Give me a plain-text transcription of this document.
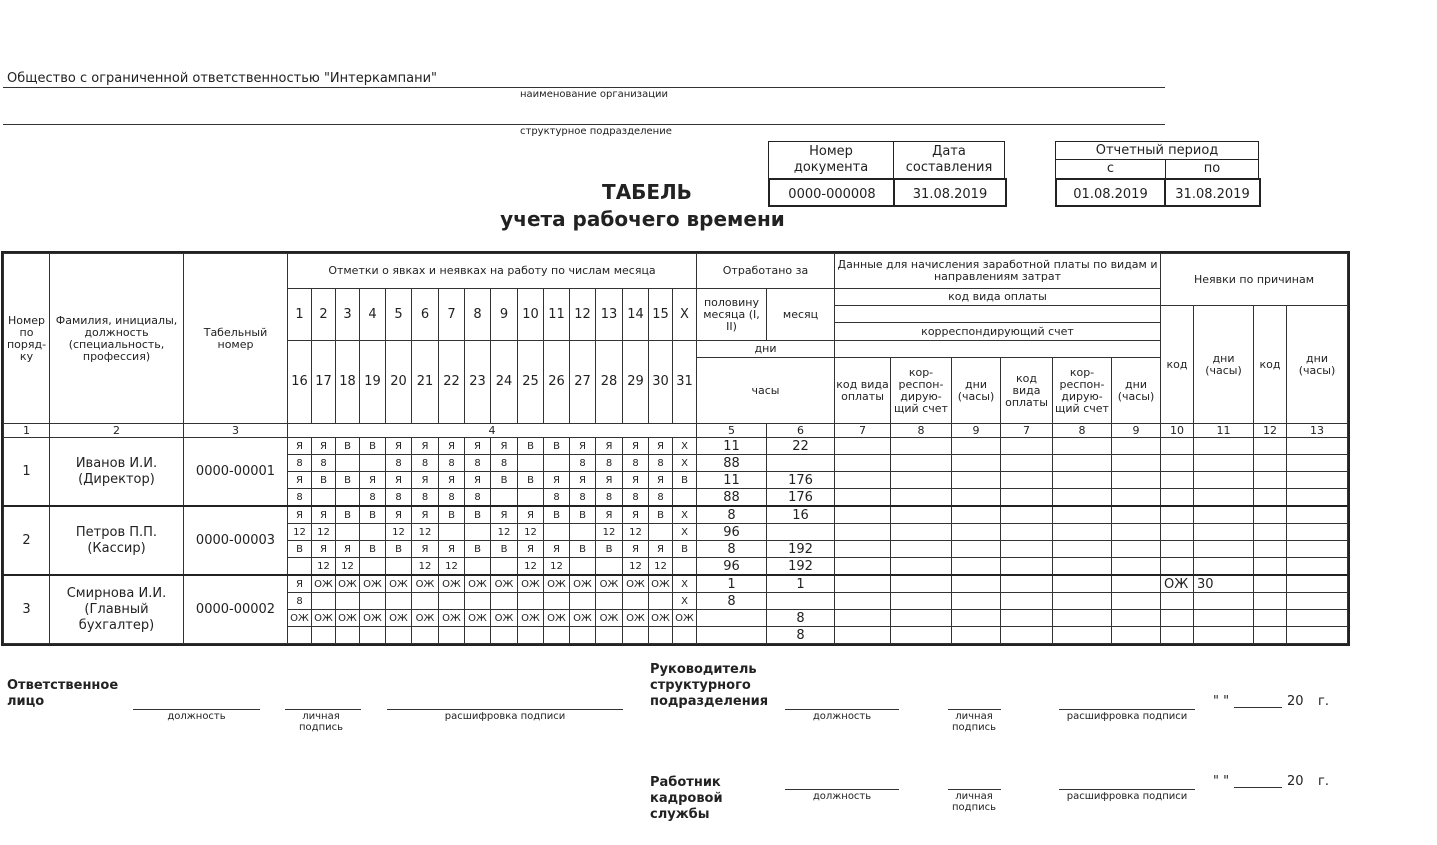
Общество с ограниченной ответственностью "Интеркампани"
наименование организации
структурное подразделение
Номер документа
Дата составления
0000-000008	31.08.2019
Отчетный период
с	по
01.08.2019	31.08.2019
ТАБЕЛЬ
учета рабочего времени
Номер по поряд-ку	Фамилия, инициалы, должность (специальность, профессия)	Табельный номер	Отметки о явках и неявках на работу по числам месяца																Отработано за		Данные для начисления заработной платы по видам и направлениям затрат						Неявки по причинам			
			1	2	3	4	5	6	7	8	9	10	11	12	13	14	15	X	половину месяца (I, II)	месяц	код вида оплаты									

																					корреспондирующий счет						код	дни (часы)	код	дни (часы)
			16	17	18	19	20	21	22	23	24	25	26	27	28	29	30	31	дни											
																			часы		код вида оплаты	кор-респон-дирую-щий счет	дни (часы)	код вида оплаты	кор-респон-дирую-щий счет	дни (часы)				
1	2	3	4																5	6	7	8	9	7	8	9	10	11	12	13
1	Иванов И.И.(Директор)	0000-00001	Я	Я	В	В	Я	Я	Я	Я	Я	В	В	Я	Я	Я	Я	X	11	22										
			8	8			8	8	8	8	8			8	8	8	8	X	88											
			Я	В	В	Я	Я	Я	Я	Я	В	В	Я	Я	Я	Я	Я	В	11	176										
			8			8	8	8	8	8			8	8	8	8	8		88	176										
2	Петров П.П.(Кассир)	0000-00003	Я	Я	В	В	Я	Я	В	В	Я	Я	В	В	Я	Я	В	X	8	16										
			12	12			12	12			12	12			12	12		X	96											
			В	Я	Я	В	В	Я	Я	В	В	Я	Я	В	В	Я	Я	В	8	192										
				12	12			12	12			12	12			12	12		96	192										
3	Смирнова И.И.(Главный бухгалтер)	0000-00002	Я	ОЖ	ОЖ	ОЖ	ОЖ	ОЖ	ОЖ	ОЖ	ОЖ	ОЖ	ОЖ	ОЖ	ОЖ	ОЖ	ОЖ	X	1	1							ОЖ	30		
			8															X	8											
			ОЖ	ОЖ	ОЖ	ОЖ	ОЖ	ОЖ	ОЖ	ОЖ	ОЖ	ОЖ	ОЖ	ОЖ	ОЖ	ОЖ	ОЖ	ОЖ		8										
																				8										
Ответственное лицо
должность	личная подпись
расшифровка подписи
Руководитель структурного подразделения
должность	личная подпись
расшифровка подписи
" "	20 г.
Работник кадровой службы
должность	личная подпись
расшифровка подписи
" "	20 г.
